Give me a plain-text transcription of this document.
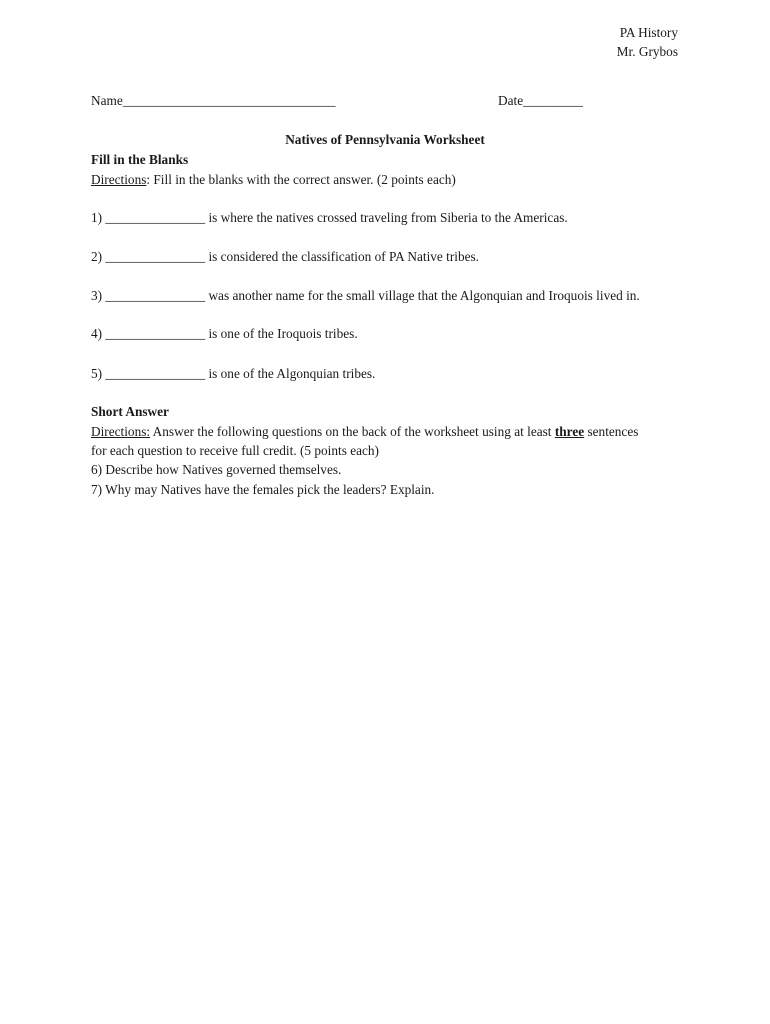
PA History
Mr. Grybos
Name________________________________	Date_________
Natives of Pennsylvania Worksheet
Fill in the Blanks
Directions: Fill in the blanks with the correct answer. (2 points each)
1) _______________ is where the natives crossed traveling from Siberia to the Americas.
2) _______________ is considered the classification of PA Native tribes.
3) _______________ was another name for the small village that the Algonquian and Iroquois lived in.
4) _______________ is one of the Iroquois tribes.
5) _______________ is one of the Algonquian tribes.
Short Answer
Directions: Answer the following questions on the back of the worksheet using at least three sentences
for each question to receive full credit. (5 points each)
6) Describe how Natives governed themselves.
7) Why may Natives have the females pick the leaders? Explain.
